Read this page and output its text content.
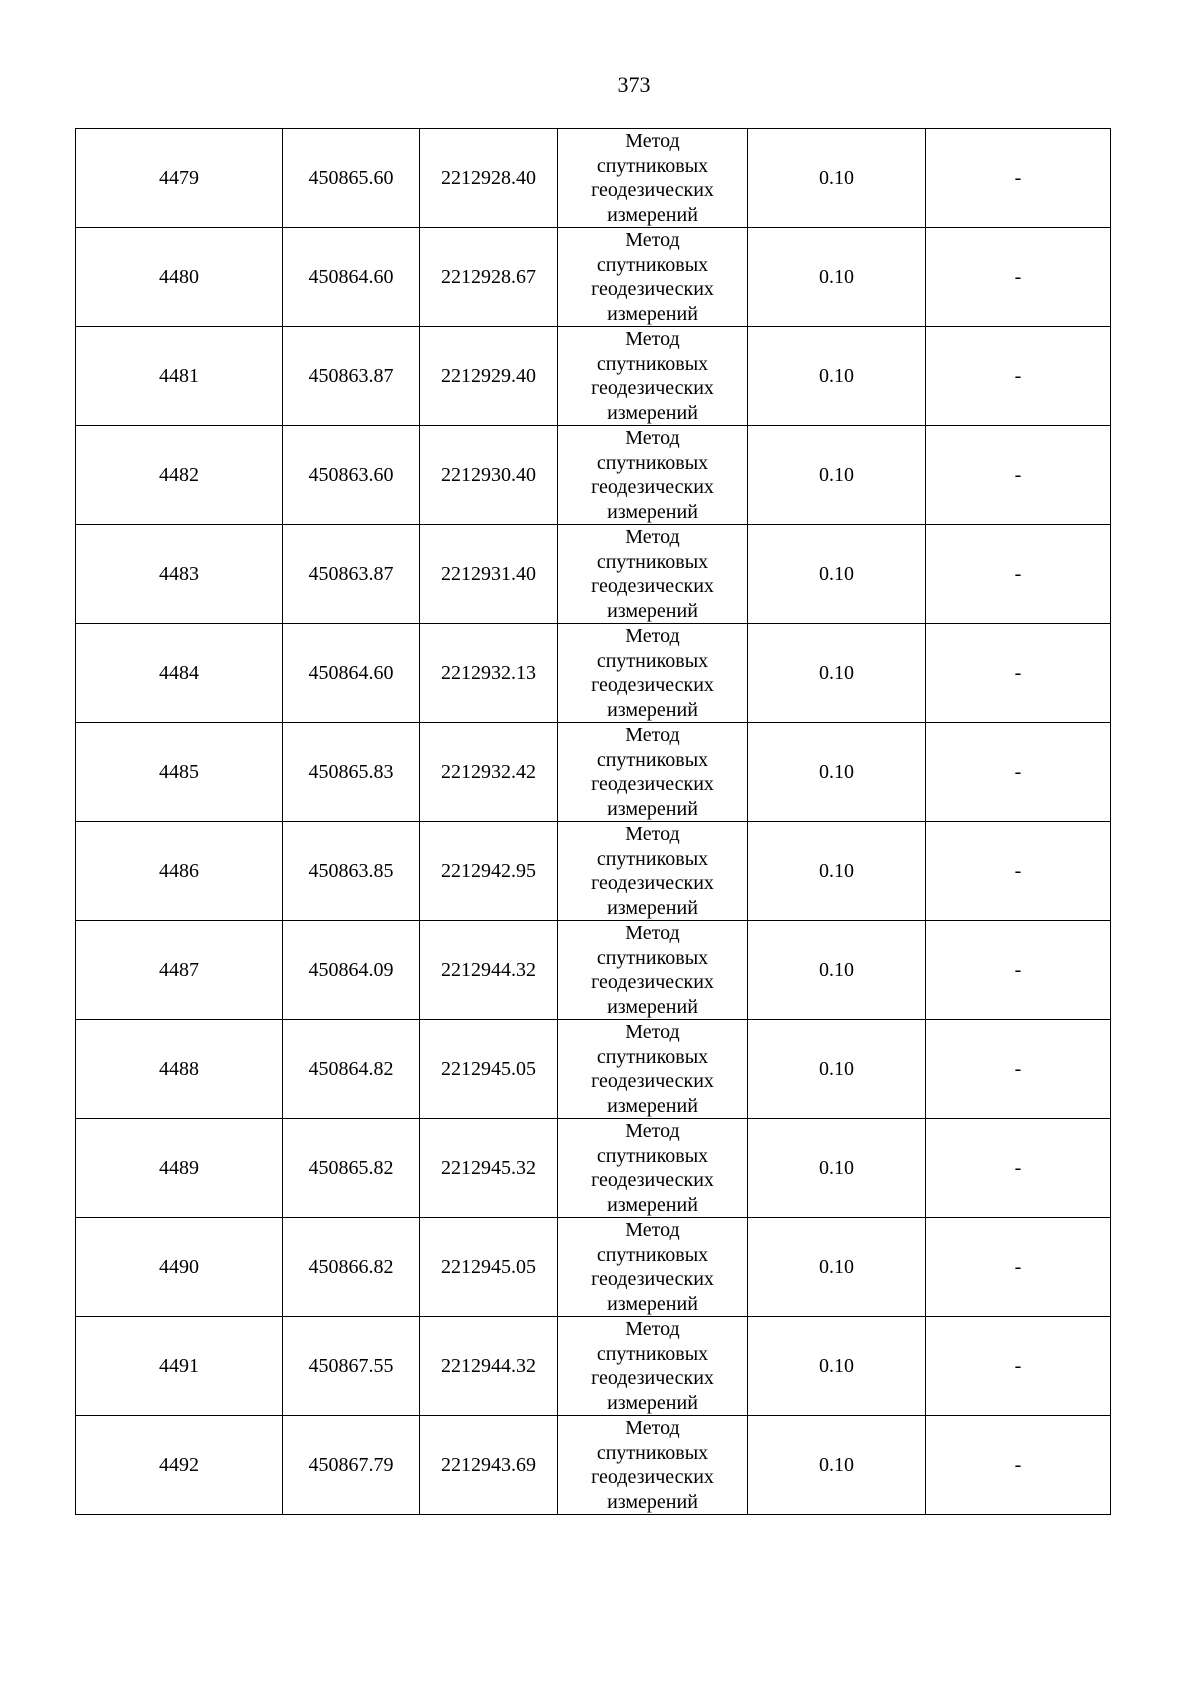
373
4479	450865.60	2212928.40	Метод
спутниковых
геодезических
измерений	0.10	-
4480	450864.60	2212928.67	Метод
спутниковых
геодезических
измерений	0.10	-
4481	450863.87	2212929.40	Метод
спутниковых
геодезических
измерений	0.10	-
4482	450863.60	2212930.40	Метод
спутниковых
геодезических
измерений	0.10	-
4483	450863.87	2212931.40	Метод
спутниковых
геодезических
измерений	0.10	-
4484	450864.60	2212932.13	Метод
спутниковых
геодезических
измерений	0.10	-
4485	450865.83	2212932.42	Метод
спутниковых
геодезических
измерений	0.10	-
4486	450863.85	2212942.95	Метод
спутниковых
геодезических
измерений	0.10	-
4487	450864.09	2212944.32	Метод
спутниковых
геодезических
измерений	0.10	-
4488	450864.82	2212945.05	Метод
спутниковых
геодезических
измерений	0.10	-
4489	450865.82	2212945.32	Метод
спутниковых
геодезических
измерений	0.10	-
4490	450866.82	2212945.05	Метод
спутниковых
геодезических
измерений	0.10	-
4491	450867.55	2212944.32	Метод
спутниковых
геодезических
измерений	0.10	-
4492	450867.79	2212943.69	Метод
спутниковых
геодезических
измерений	0.10	-
